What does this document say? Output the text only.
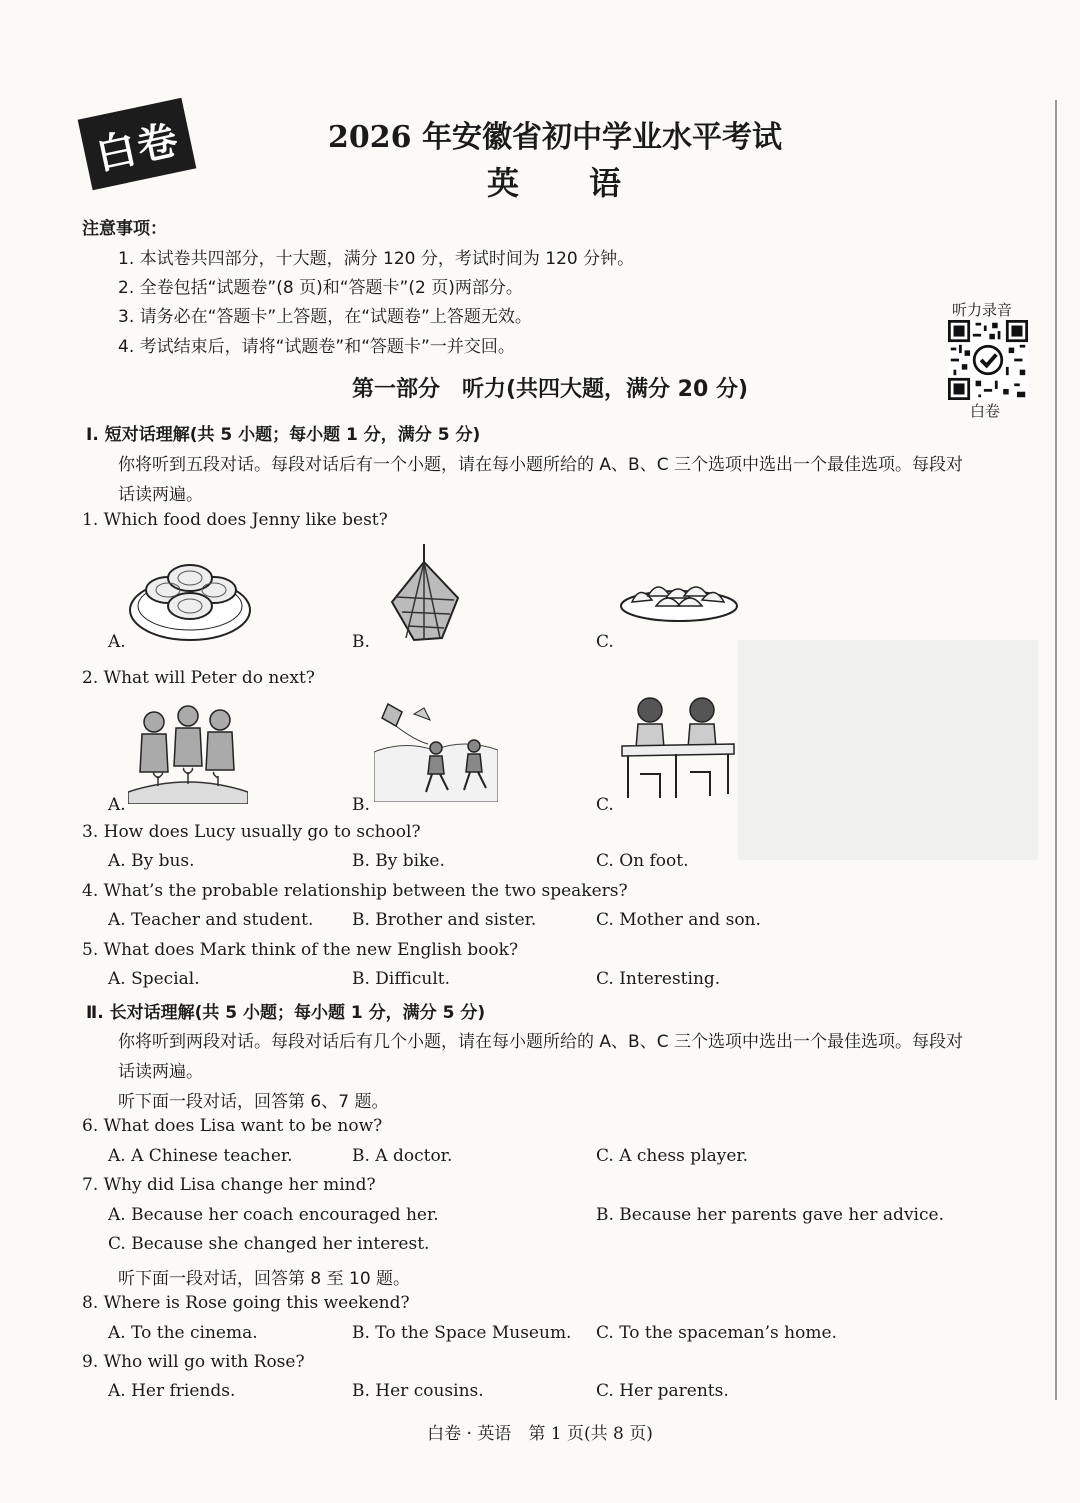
白卷	2026 年安徽省初中学业水平考试
英　　语
注意事项：
1. 本试卷共四部分，十大题，满分 120 分，考试时间为 120 分钟。
2. 全卷包括“试题卷”(8 页)和“答题卡”(2 页)两部分。
3. 请务必在“答题卡”上答题，在“试题卷”上答题无效。
4. 考试结束后，请将“试题卷”和“答题卡”一并交回。
听力录音
白卷
第一部分　听力(共四大题，满分 20 分)
Ⅰ. 短对话理解(共 5 小题；每小题 1 分，满分 5 分)
你将听到五段对话。每段对话后有一个小题，请在每小题所给的 A、B、C 三个选项中选出一个最佳选项。每段对
话读两遍。
1. Which food does Jenny like best?
A.	B.	C.
2. What will Peter do next?
A.	B.	C.
3. How does Lucy usually go to school?
A. By bus.	B. By bike.	C. On foot.
4. What’s the probable relationship between the two speakers?
A. Teacher and student. B. Brother and sister.	C. Mother and son.
5. What does Mark think of the new English book?
A. Special.	B. Difficult.	C. Interesting.
Ⅱ. 长对话理解(共 5 小题；每小题 1 分，满分 5 分)
你将听到两段对话。每段对话后有几个小题，请在每小题所给的 A、B、C 三个选项中选出一个最佳选项。每段对
话读两遍。
听下面一段对话，回答第 6、7 题。
6. What does Lisa want to be now?
A. A Chinese teacher.	B. A doctor.	C. A chess player.
7. Why did Lisa change her mind?
A. Because her coach encouraged her.	B. Because her parents gave her advice.
C. Because she changed her interest.
听下面一段对话，回答第 8 至 10 题。
8. Where is Rose going this weekend?
A. To the cinema.	B. To the Space Museum. C. To the spaceman’s home.
9. Who will go with Rose?
A. Her friends.	B. Her cousins.	C. Her parents.
白卷 · 英语　第 1 页(共 8 页)
